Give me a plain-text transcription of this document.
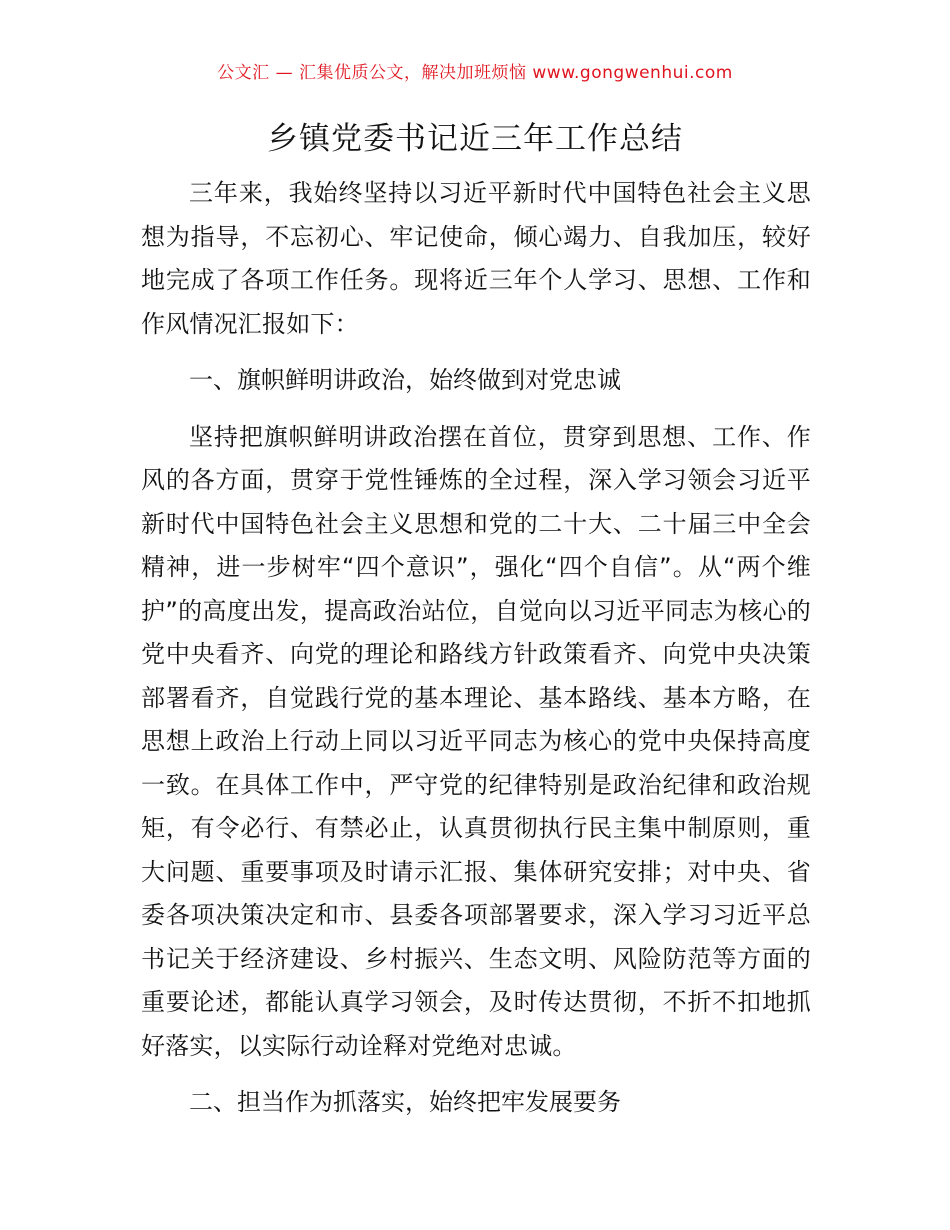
公文汇 — 汇集优质公文，解决加班烦恼 www.gongwenhui.com
乡镇党委书记近三年工作总结

三年来，我始终坚持以习近平新时代中国特色社会主义思想为指导，不忘初心、牢记使命，倾心竭力、自我加压，较好地完成了各项工作任务。现将近三年个人学习、思想、工作和作风情况汇报如下：

一、旗帜鲜明讲政治，始终做到对党忠诚

坚持把旗帜鲜明讲政治摆在首位，贯穿到思想、工作、作风的各方面，贯穿于党性锤炼的全过程，深入学习领会习近平新时代中国特色社会主义思想和党的二十大、二十届三中全会精神，进一步树牢“四个意识”，强化“四个自信”。从“两个维护”的高度出发，提高政治站位，自觉向以习近平同志为核心的党中央看齐、向党的理论和路线方针政策看齐、向党中央决策部署看齐，自觉践行党的基本理论、基本路线、基本方略，在思想上政治上行动上同以习近平同志为核心的党中央保持高度一致。在具体工作中，严守党的纪律特别是政治纪律和政治规矩，有令必行、有禁必止，认真贯彻执行民主集中制原则，重大问题、重要事项及时请示汇报、集体研究安排；对中央、省委各项决策决定和市、县委各项部署要求，深入学习习近平总书记关于经济建设、乡村振兴、生态文明、风险防范等方面的重要论述，都能认真学习领会，及时传达贯彻，不折不扣地抓好落实，以实际行动诠释对党绝对忠诚。

二、担当作为抓落实，始终把牢发展要务
